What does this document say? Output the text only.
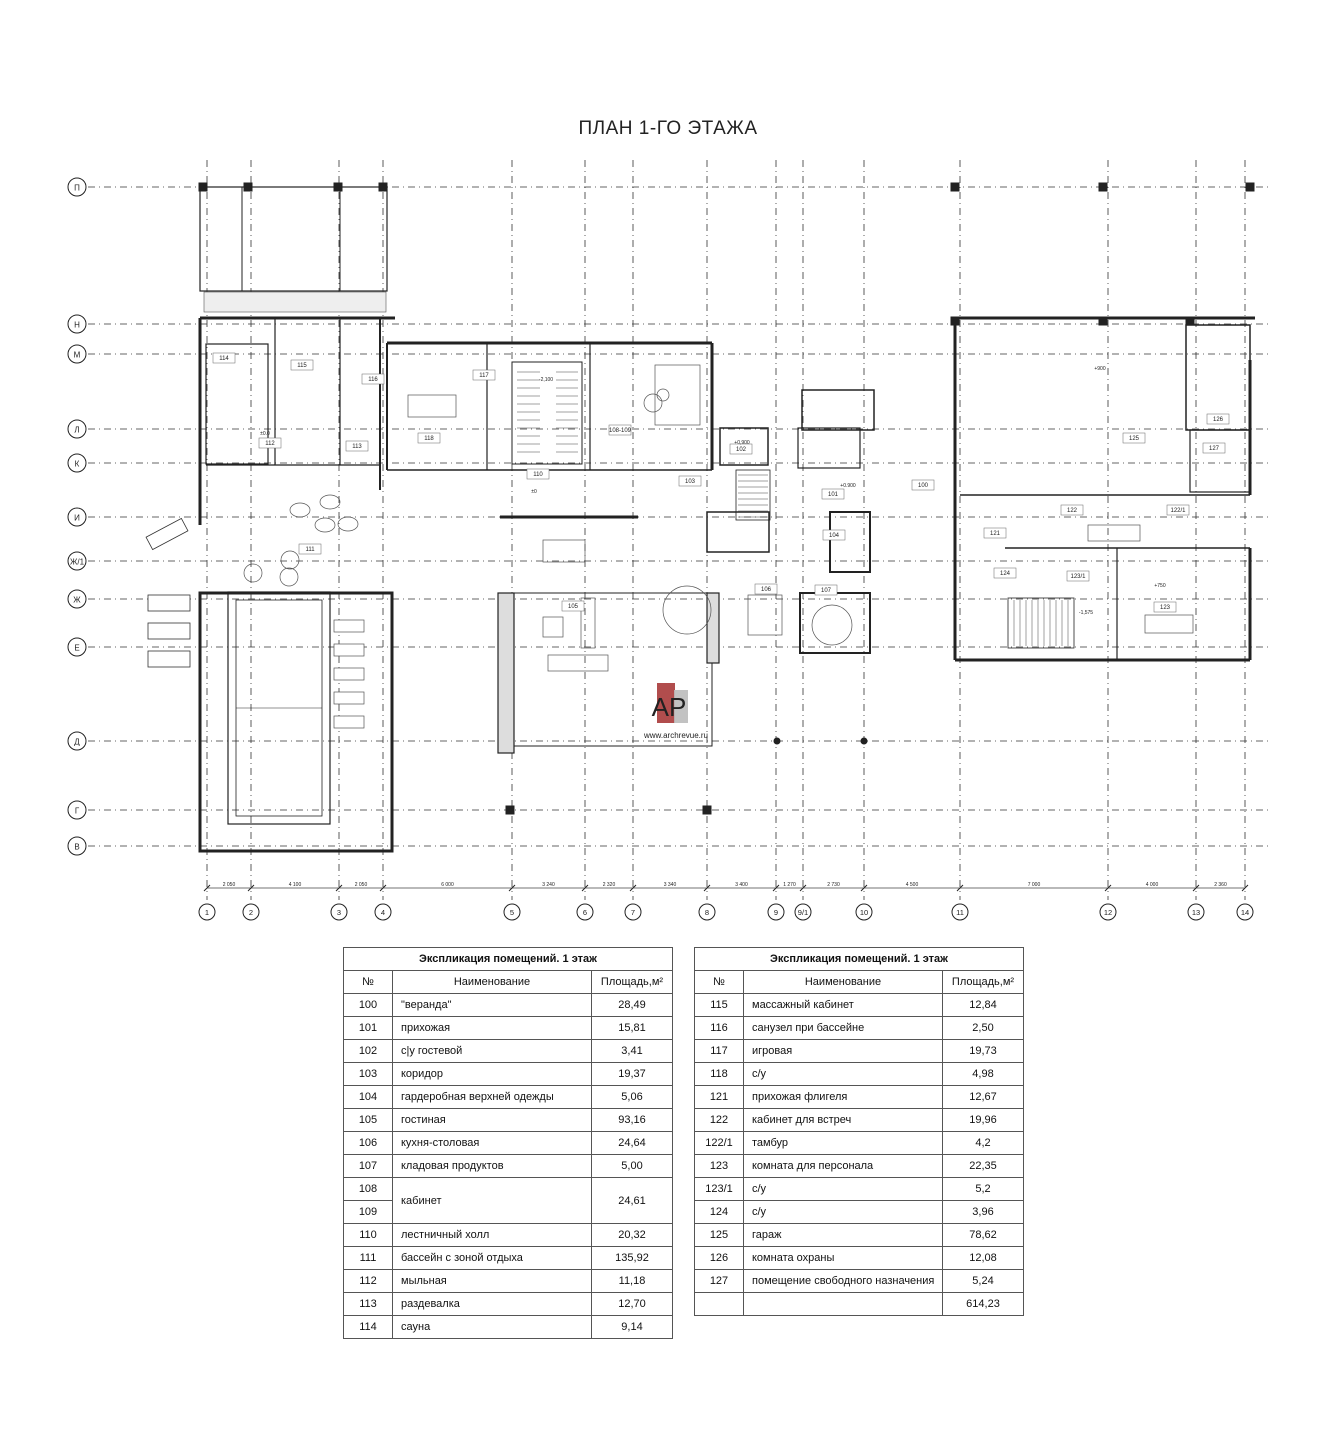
ПЛАН 1-ГО ЭТАЖА
П
Н
М
Л
К
И
Ж/1
Ж
Е
Д
Г
В
1	2	3	4	5	6	7	8	9	9/1	10	11	12	13	14
114
115
116
117
112	113
118
110
108-109
103
102
101
100
104
105
106	107
111
125
126
127
121
122	122/1
123
123/1
124
±0.0
-2,100
+0,900
+0.900
+900
-1,575
+750
±0
2 050	4 100	2 050	6 000	3 240	2 320	3 340	3 400	1 270	2 730	4 500	7 000	4 000	2 360
AP
www.archrevue.ru
Экспликация помещений. 1 этаж		
№	Наименование	Площадь,м²
100	"веранда"	28,49
101	прихожая	15,81
102	с|у гостевой	3,41
103	коридор	19,37
104	гардеробная верхней одежды	5,06
105	гостиная	93,16
106	кухня-столовая	24,64
107	кладовая продуктов	5,00
108	кабинет	24,61
109		
110	лестничный холл	20,32
111	бассейн с зоной отдыха	135,92
112	мыльная	11,18
113	раздевалка	12,70
114	сауна	9,14
Экспликация помещений. 1 этаж		
№	Наименование	Площадь,м²
115	массажный кабинет	12,84
116	санузел при бассейне	2,50
117	игровая	19,73
118	с/у	4,98
121	прихожая флигеля	12,67
122	кабинет для встреч	19,96
122/1	тамбур	4,2
123	комната для персонала	22,35
123/1	с/у	5,2
124	с/у	3,96
125	гараж	78,62
126	комната охраны	12,08
127	помещение свободного назначения	5,24
		614,23
